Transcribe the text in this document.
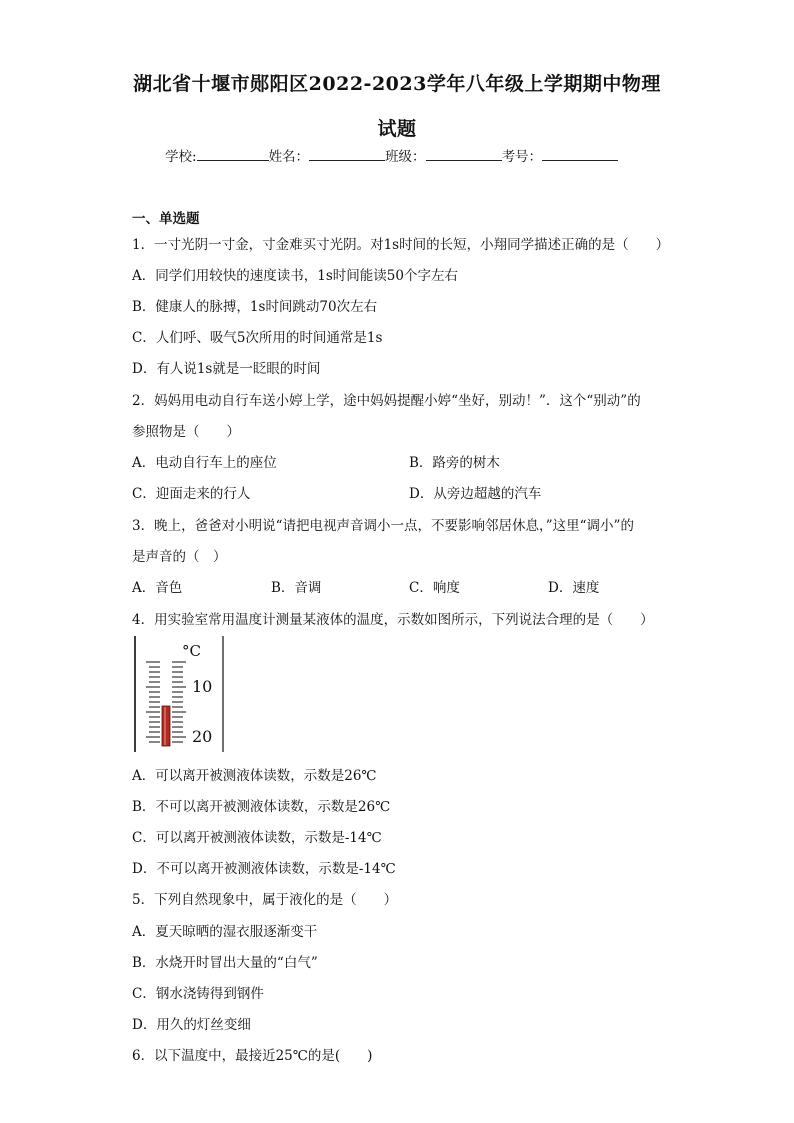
湖北省十堰市郧阳区2022-2023学年八年级上学期期中物理
试题
学校:	姓名：	班级：	考号：
一、单选题
1．一寸光阴一寸金，寸金难买寸光阴。对1s时间的长短，小翔同学描述正确的是（　　）
A．同学们用较快的速度读书，1s时间能读50个字左右
B．健康人的脉搏，1s时间跳动70次左右
C．人们呼、吸气5次所用的时间通常是1s
D．有人说1s就是一眨眼的时间
2．妈妈用电动自行车送小婷上学，途中妈妈提醒小婷“坐好，别动！”．这个“别动”的
参照物是（　　）
A．电动自行车上的座位	B．路旁的树木
C．迎面走来的行人	D．从旁边超越的汽车
3．晚上，爸爸对小明说“请把电视声音调小一点，不要影响邻居休息，”这里“调小”的
是声音的（　）
A．音色	B．音调	C．响度	D．速度
4．用实验室常用温度计测量某液体的温度，示数如图所示，下列说法合理的是（　　）
°C
10
20
A．可以离开被测液体读数，示数是26℃
B．不可以离开被测液体读数，示数是26℃
C．可以离开被测液体读数，示数是-14℃
D．不可以离开被测液体读数，示数是-14℃
5．下列自然现象中，属于液化的是（　　）
A．夏天晾晒的湿衣服逐渐变干
B．水烧开时冒出大量的“白气”
C．钢水浇铸得到钢件
D．用久的灯丝变细
6．以下温度中，最接近25℃的是(　　)
